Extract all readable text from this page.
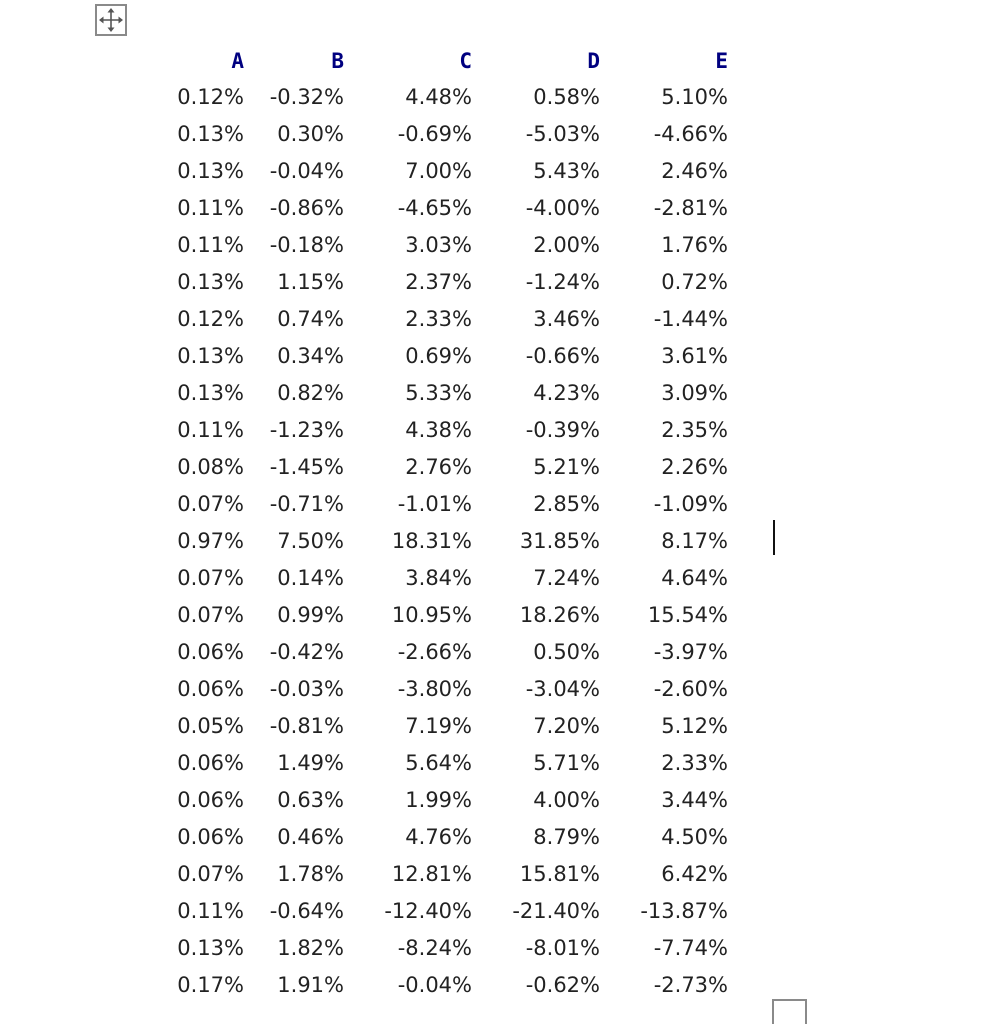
A	B	C	D	E
0.12%	-0.32%	4.48%	0.58%	5.10%
0.13%	0.30%	-0.69%	-5.03%	-4.66%
0.13%	-0.04%	7.00%	5.43%	2.46%
0.11%	-0.86%	-4.65%	-4.00%	-2.81%
0.11%	-0.18%	3.03%	2.00%	1.76%
0.13%	1.15%	2.37%	-1.24%	0.72%
0.12%	0.74%	2.33%	3.46%	-1.44%
0.13%	0.34%	0.69%	-0.66%	3.61%
0.13%	0.82%	5.33%	4.23%	3.09%
0.11%	-1.23%	4.38%	-0.39%	2.35%
0.08%	-1.45%	2.76%	5.21%	2.26%
0.07%	-0.71%	-1.01%	2.85%	-1.09%
0.97%	7.50%	18.31%	31.85%	8.17%
0.07%	0.14%	3.84%	7.24%	4.64%
0.07%	0.99%	10.95%	18.26%	15.54%
0.06%	-0.42%	-2.66%	0.50%	-3.97%
0.06%	-0.03%	-3.80%	-3.04%	-2.60%
0.05%	-0.81%	7.19%	7.20%	5.12%
0.06%	1.49%	5.64%	5.71%	2.33%
0.06%	0.63%	1.99%	4.00%	3.44%
0.06%	0.46%	4.76%	8.79%	4.50%
0.07%	1.78%	12.81%	15.81%	6.42%
0.11%	-0.64%	-12.40%	-21.40%	-13.87%
0.13%	1.82%	-8.24%	-8.01%	-7.74%
0.17%	1.91%	-0.04%	-0.62%	-2.73%
